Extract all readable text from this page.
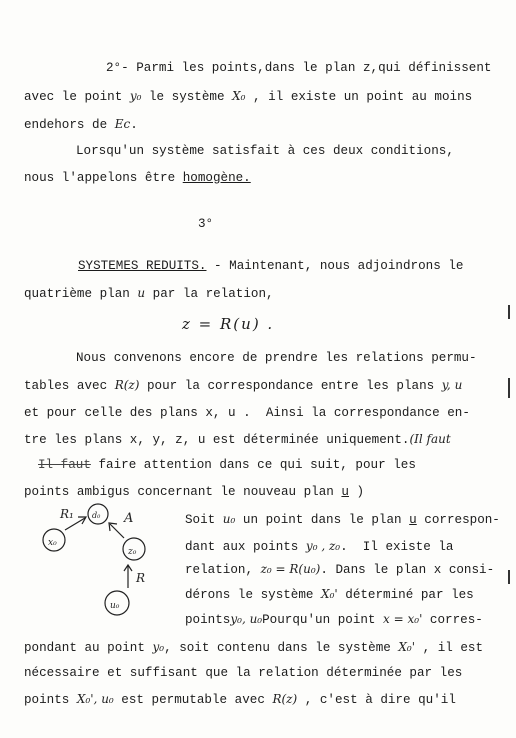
2°- Parmi les points,dans le plan z,qui définissent
avec le point y₀ le système X₀ , il existe un point au moins
endehors de Ec.
Lorsqu'un système satisfait à ces deux conditions,
nous l'appelons être homogène.
3°
SYSTEMES REDUITS. - Maintenant, nous adjoindrons le
quatrième plan u par la relation,
z = R(u) .
Nous convenons encore de prendre les relations permu-
tables avec R(z) pour la correspondance entre les plans y, u
et pour celle des plans x, u .  Ainsi la correspondance en-
tre les plans x, y, z, u est déterminée uniquement.(Il faut
Il faut faire attention dans ce qui suit, pour les
points ambigus concernant le nouveau plan u )
R₁	A
R
x₀
d₀
z₀
u₀
Soit u₀ un point dans le plan u correspon-
dant aux points y₀ , z₀.  Il existe la
relation, z₀ = R(u₀). Dans le plan x consi-
dérons le système X₀' déterminé par les
pointsy₀, u₀Pourqu'un point x = x₀' corres-
pondant au point y₀, soit contenu dans le système X₀' , il est
nécessaire et suffisant que la relation déterminée par les
points X₀', u₀ est permutable avec R(z) , c'est à dire qu'il
